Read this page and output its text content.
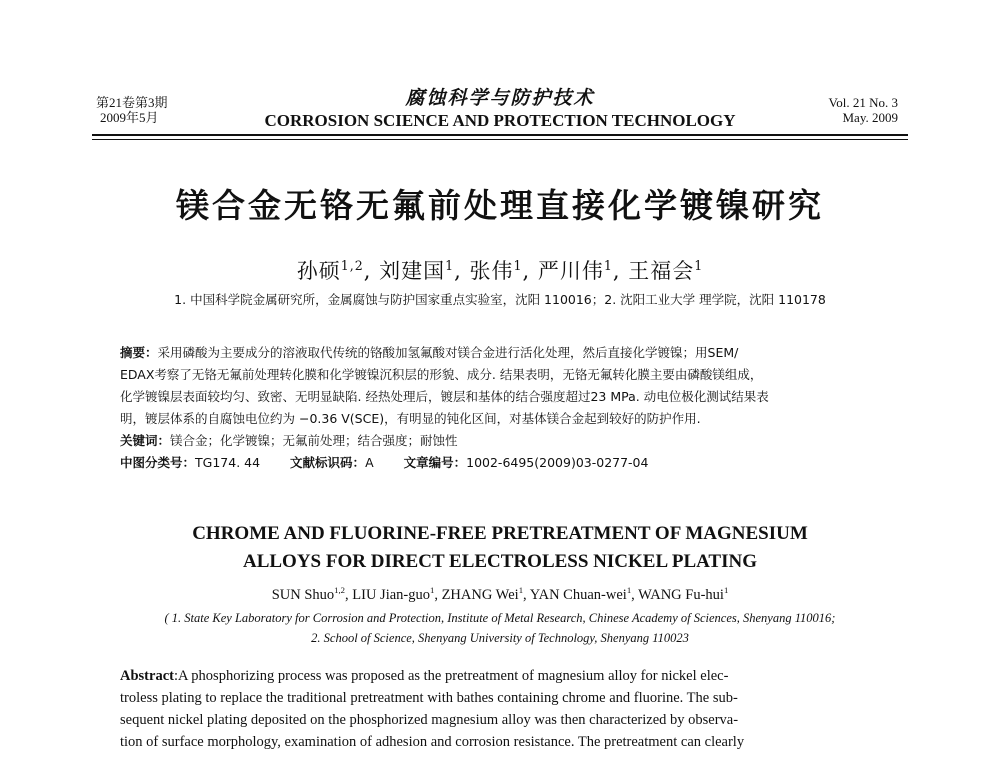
第21卷第3期
2009年5月
腐蚀科学与防护技术
CORROSION SCIENCE AND PROTECTION TECHNOLOGY
Vol. 21 No. 3
May. 2009
镁合金无铬无氟前处理直接化学镀镍研究
孙硕$^{1,2}$, 刘建国$^1$, 张伟$^1$, 严川伟$^1$, 王福会$^1$
1. 中国科学院金属研究所，金属腐蚀与防护国家重点实验室，沈阳 110016；2. 沈阳工业大学 理学院，沈阳 110178

摘要：采用磷酸为主要成分的溶液取代传统的铬酸加氢氟酸对镁合金进行活化处理，然后直接化学镀镍；用SEM/

EDAX考察了无铬无氟前处理转化膜和化学镀镍沉积层的形貌、成分. 结果表明，无铬无氟转化膜主要由磷酸镁组成，

化学镀镍层表面较均匀、致密、无明显缺陷. 经热处理后，镀层和基体的结合强度超过23 MPa. 动电位极化测试结果表

明，镀层体系的自腐蚀电位约为 −0.36 V(SCE)，有明显的钝化区间，对基体镁合金起到较好的防护作用.

关键词：镁合金；化学镀镍；无氟前处理；结合强度；耐蚀性

中图分类号：TG174. 44 文献标识码：A 文章编号：1002-6495(2009)03-0277-04

CHROME AND FLUORINE-FREE PRETREATMENT OF MAGNESIUM
ALLOYS FOR DIRECT ELECTROLESS NICKEL PLATING
SUN Shuo$^{1,2}$, LIU Jian-guo$^1$, ZHANG Wei$^1$, YAN Chuan-wei$^1$, WANG Fu-hui$^1$
( 1. State Key Laboratory for Corrosion and Protection, Institute of Metal Research, Chinese Academy of Sciences, Shenyang 110016;
2. School of Science, Shenyang University of Technology, Shenyang 110023

Abstract:A phosphorizing process was proposed as the pretreatment of magnesium alloy for nickel elec-

troless plating to replace the traditional pretreatment with bathes containing chrome and fluorine. The sub-

sequent nickel plating deposited on the phosphorized magnesium alloy was then characterized by observa-

tion of surface morphology, examination of adhesion and corrosion resistance. The pretreatment can clearly
